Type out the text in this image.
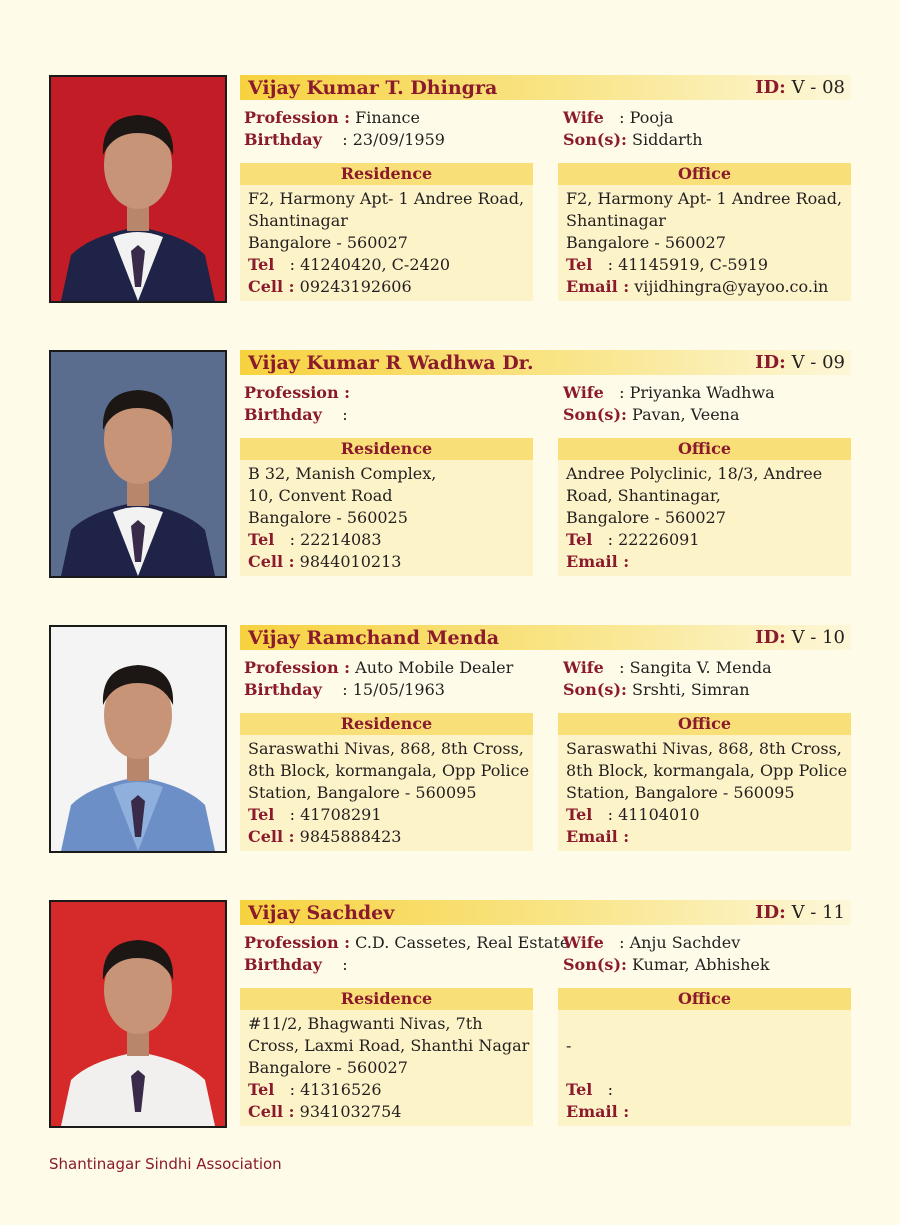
Vijay Kumar T. Dhingra	ID: V - 08
Profession : Finance
Birthday : 23/09/1959
Wife : Pooja
Son(s): Siddarth
Residence
F2, Harmony Apt- 1 Andree Road,
Shantinagar
Bangalore - 560027
Tel : 41240420, C-2420
Cell : 09243192606
Office
F2, Harmony Apt- 1 Andree Road,
Shantinagar
Bangalore - 560027
Tel : 41145919, C-5919
Email : vijidhingra@yayoo.co.in
Vijay Kumar R Wadhwa Dr.	ID: V - 09
Profession :
Birthday :
Wife : Priyanka Wadhwa
Son(s): Pavan, Veena
Residence
B 32, Manish Complex,
10, Convent Road
Bangalore - 560025
Tel : 22214083
Cell : 9844010213
Office
Andree Polyclinic, 18/3, Andree
Road, Shantinagar,
Bangalore - 560027
Tel : 22226091
Email :
Vijay Ramchand Menda	ID: V - 10
Profession : Auto Mobile Dealer
Birthday : 15/05/1963
Wife : Sangita V. Menda
Son(s): Srshti, Simran
Residence
Saraswathi Nivas, 868, 8th Cross,
8th Block, kormangala, Opp Police
Station, Bangalore - 560095
Tel : 41708291
Cell : 9845888423
Office
Saraswathi Nivas, 868, 8th Cross,
8th Block, kormangala, Opp Police
Station, Bangalore - 560095
Tel : 41104010
Email :
Vijay Sachdev	ID: V - 11
Profession : C.D. Cassetes, Real Estate
Birthday :
Wife : Anju Sachdev
Son(s): Kumar, Abhishek
Residence
#11/2, Bhagwanti Nivas, 7th
Cross, Laxmi Road, Shanthi Nagar
Bangalore - 560027
Tel : 41316526
Cell : 9341032754
Office
-
Tel :
Email :
Shantinagar Sindhi Association
